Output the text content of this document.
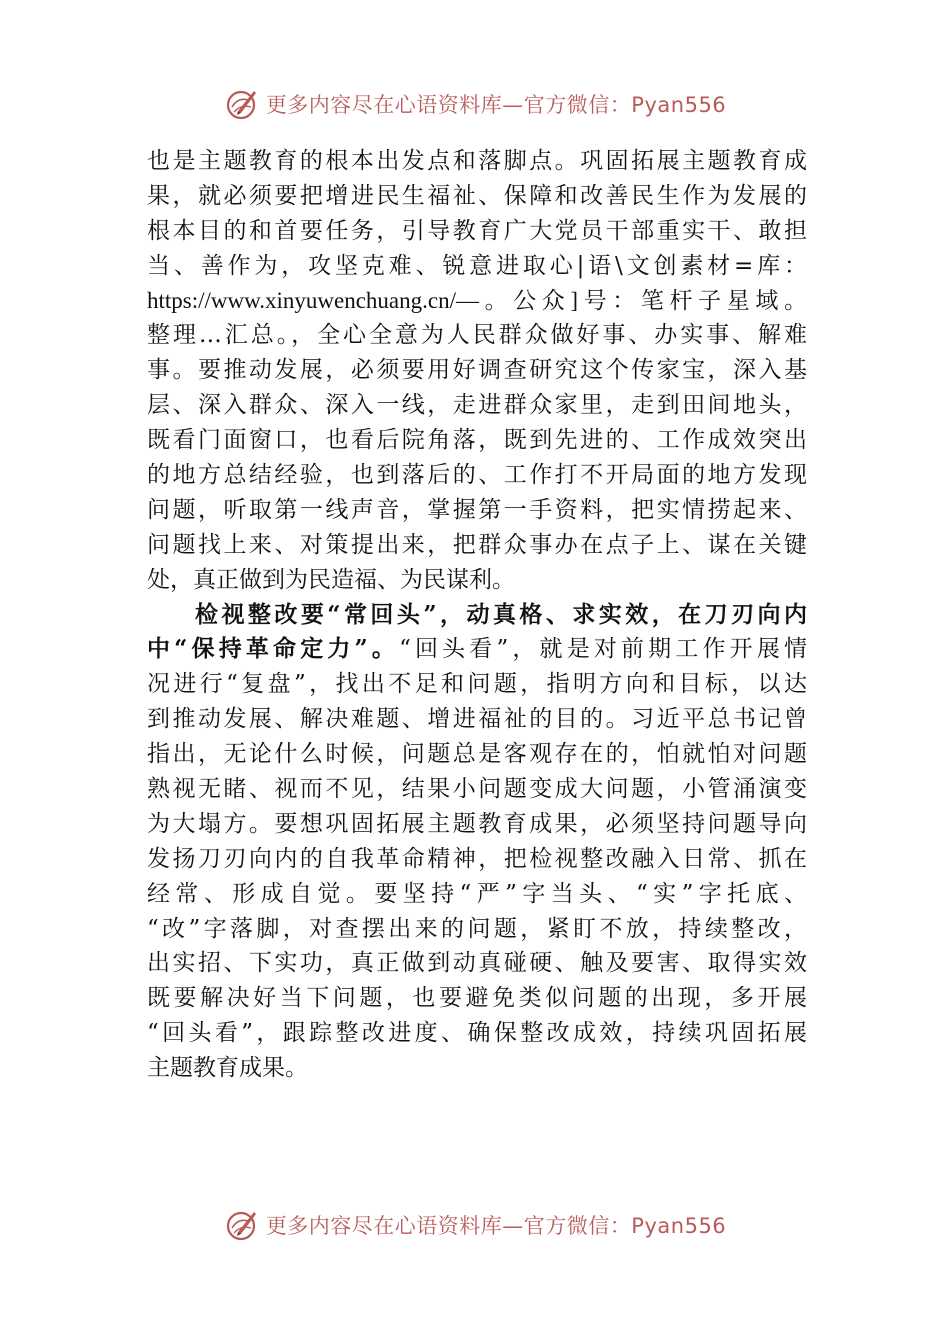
更多内容尽在心语资料库—官方微信：Pyan556
也是主题教育的根本出发点和落脚点。巩固拓展主题教育成
果，就必须要把增进民生福祉、保障和改善民生作为发展的
根本目的和首要任务，引导教育广大党员干部重实干、敢担
当、善作为，攻坚克难、锐意进取心|语\文创素材=库：
https://www.xinyuwenchuang.cn/—。公众]号：笔杆子星域。
整理…汇总。，全心全意为人民群众做好事、办实事、解难
事。要推动发展，必须要用好调查研究这个传家宝，深入基
层、深入群众、深入一线，走进群众家里，走到田间地头，
既看门面窗口，也看后院角落，既到先进的、工作成效突出
的地方总结经验，也到落后的、工作打不开局面的地方发现
问题，听取第一线声音，掌握第一手资料，把实情捞起来、
问题找上来、对策提出来，把群众事办在点子上、谋在关键
处，真正做到为民造福、为民谋利。
检视整改要“常回头”，动真格、求实效，在刀刃向内
中“保持革命定力”。“回头看”，就是对前期工作开展情
况进行“复盘”，找出不足和问题，指明方向和目标，以达
到推动发展、解决难题、增进福祉的目的。习近平总书记曾
指出，无论什么时候，问题总是客观存在的，怕就怕对问题
熟视无睹、视而不见，结果小问题变成大问题，小管涌演变
为大塌方。要想巩固拓展主题教育成果，必须坚持问题导向
发扬刀刃向内的自我革命精神，把检视整改融入日常、抓在
经常、形成自觉。要坚持“严”字当头、“实”字托底、
“改”字落脚，对查摆出来的问题，紧盯不放，持续整改，
出实招、下实功，真正做到动真碰硬、触及要害、取得实效
既要解决好当下问题，也要避免类似问题的出现，多开展
“回头看”，跟踪整改进度、确保整改成效，持续巩固拓展
主题教育成果。
更多内容尽在心语资料库—官方微信：Pyan556
